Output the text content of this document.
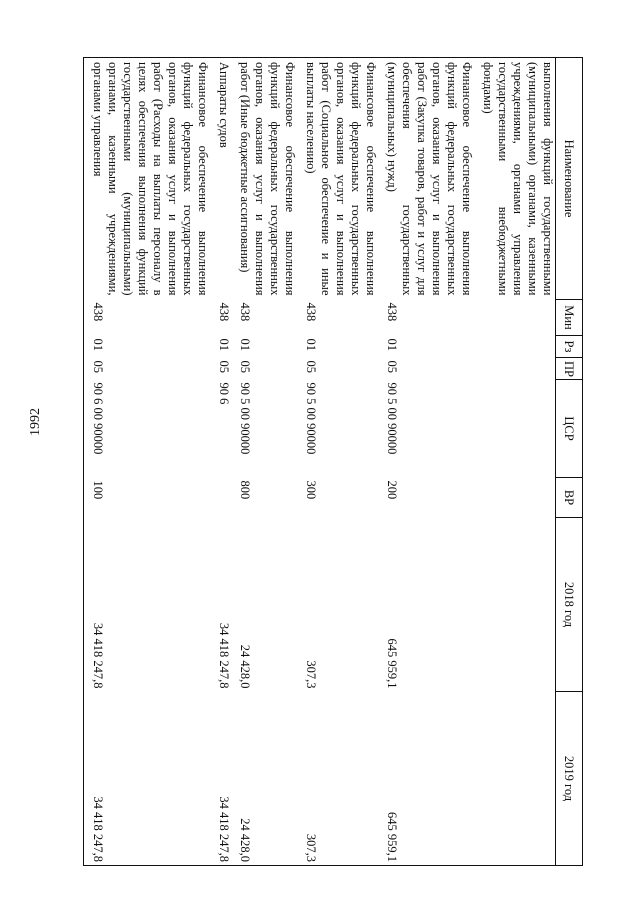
1992
Наименование	Мин	Рз	ПР	ЦСР	ВР	2018 год	2019 год
выполнения функций государственными (муниципальными) органами, казенными учреждениями, органами управления государственными внебюджетными фондами)							
Финансовое обеспечение выполнения функций федеральных государственных органов, оказания услуг и выполнения работ (Закупка товаров, работ и услуг для обеспечения государственных (муниципальных) нужд)	438	01	05	90 5 00 90000	200	645 959,1	645 959,1
Финансовое обеспечение выполнения функций федеральных государственных органов, оказания услуг и выполнения работ (Социальное обеспечение и иные выплаты населению)	438	01	05	90 5 00 90000	300	307,3	307,3
Финансовое обеспечение выполнения функций федеральных государственных органов, оказания услуг и выполнения работ (Иные бюджетные ассигнования)	438	01	05	90 5 00 90000	800	24 428,0	24 428,0
Аппараты судов	438	01	05	90 6		34 418 247,8	34 418 247,8
Финансовое обеспечение выполнения функций федеральных государственных органов, оказания услуг и выполнения работ (Расходы на выплаты персоналу в целях обеспечения выполнения функций государственными (муниципальными) органами, казенными учреждениями, органами управления	438	01	05	90 6 00 90000	100	34 418 247,8	34 418 247,8
